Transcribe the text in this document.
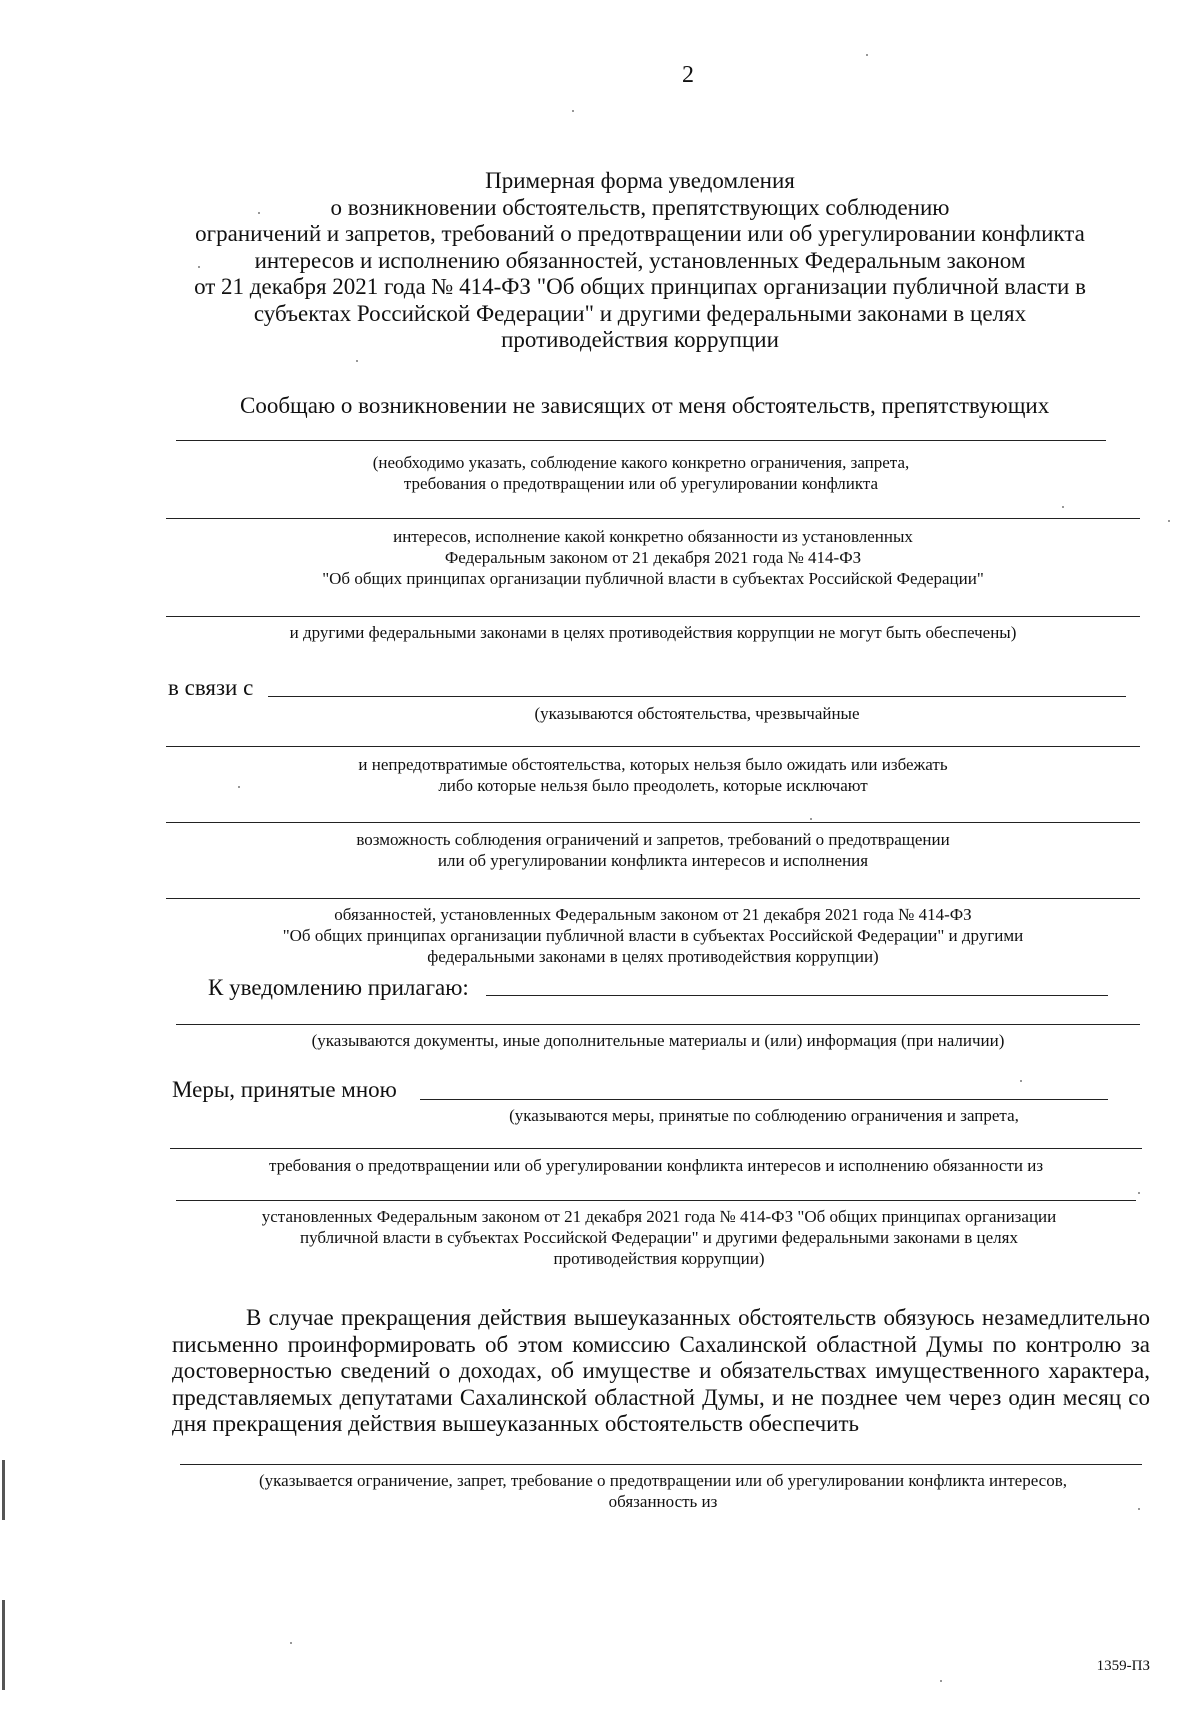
2
Примерная форма уведомления
о возникновении обстоятельств, препятствующих соблюдению
ограничений и запретов, требований о предотвращении или об урегулировании конфликта
интересов и исполнению обязанностей, установленных Федеральным законом
от 21 декабря 2021 года № 414-ФЗ "Об общих принципах организации публичной власти в
субъектах Российской Федерации" и другими федеральными законами в целях
противодействия коррупции
Сообщаю о возникновении не зависящих от меня обстоятельств, препятствующих
(необходимо указать, соблюдение какого конкретно ограничения, запрета,
требования о предотвращении или об урегулировании конфликта
интересов, исполнение какой конкретно обязанности из установленных
Федеральным законом от 21 декабря 2021 года № 414-ФЗ
"Об общих принципах организации публичной власти в субъектах Российской Федерации"
и другими федеральными законами в целях противодействия коррупции не могут быть обеспечены)
в связи с
(указываются обстоятельства, чрезвычайные
и непредотвратимые обстоятельства, которых нельзя было ожидать или избежать
либо которые нельзя было преодолеть, которые исключают
возможность соблюдения ограничений и запретов, требований о предотвращении
или об урегулировании конфликта интересов и исполнения
обязанностей, установленных Федеральным законом от 21 декабря 2021 года № 414-ФЗ
"Об общих принципах организации публичной власти в субъектах Российской Федерации" и другими
федеральными законами в целях противодействия коррупции)
К уведомлению прилагаю:
(указываются документы, иные дополнительные материалы и (или) информация (при наличии)
Меры, принятые мною
(указываются меры, принятые по соблюдению ограничения и запрета,
требования о предотвращении или об урегулировании конфликта интересов и исполнению обязанности из
установленных Федеральным законом от 21 декабря 2021 года № 414-ФЗ "Об общих принципах организации
публичной власти в субъектах Российской Федерации" и другими федеральными законами в целях
противодействия коррупции)
В случае прекращения действия вышеуказанных обстоятельств обязуюсь незамедлительно письменно проинформировать об этом комиссию Сахалинской областной Думы по контролю за достоверностью сведений о доходах, об имуществе и обязательствах имущественного характера, представляемых депутатами Сахалинской областной Думы, и не позднее чем через один месяц со дня прекращения действия вышеуказанных обстоятельств обеспечить
(указывается ограничение, запрет, требование о предотвращении или об урегулировании конфликта интересов,
обязанность из
1359-ПЗ
